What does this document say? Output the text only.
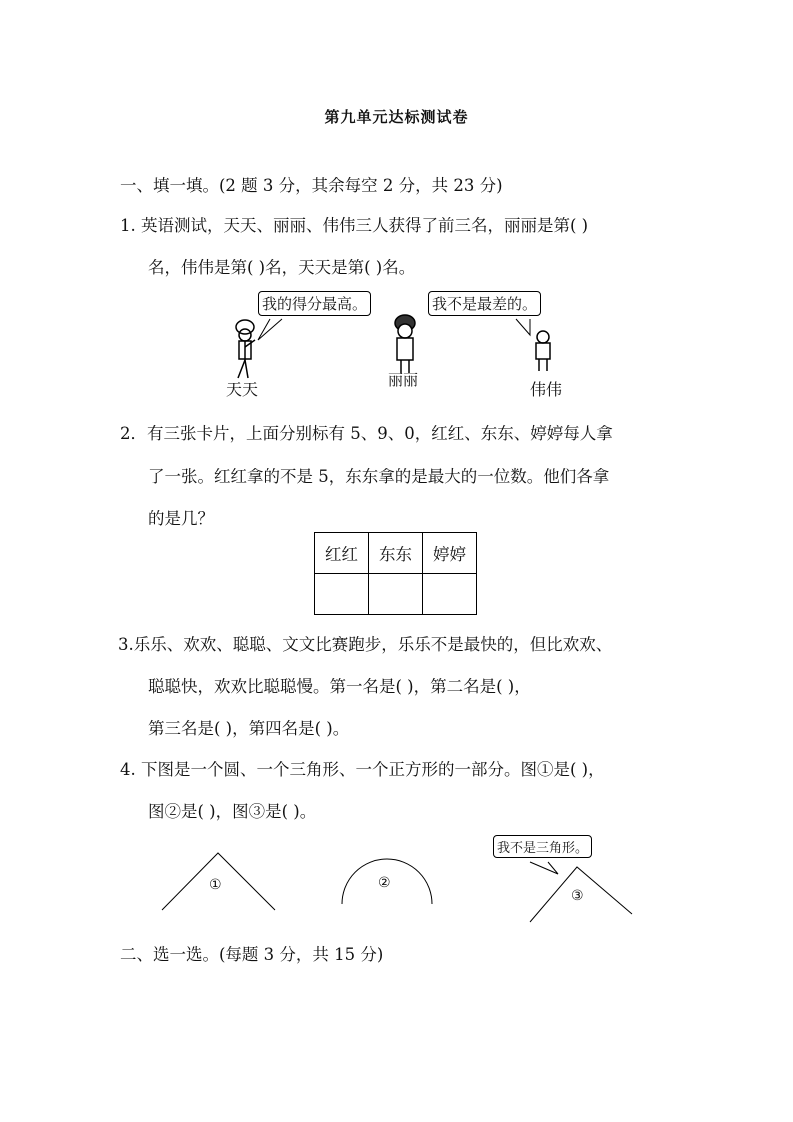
第九单元达标测试卷
一、填一填。(2 题 3 分，其余每空 2 分，共 23 分)
1. 英语测试，天天、丽丽、伟伟三人获得了前三名，丽丽是第( )
名，伟伟是第( )名，天天是第( )名。
我的得分最高。	我不是最差的。
天天	丽丽	伟伟
2．有三张卡片，上面分别标有 5、9、0，红红、东东、婷婷每人拿
了一张。红红拿的不是 5，东东拿的是最大的一位数。他们各拿
的是几？
红红	东东	婷婷

3.乐乐、欢欢、聪聪、文文比赛跑步，乐乐不是最快的，但比欢欢、
聪聪快，欢欢比聪聪慢。第一名是( )，第二名是( )，
第三名是( )，第四名是( )。
4. 下图是一个圆、一个三角形、一个正方形的一部分。图①是( )，
图②是( )，图③是( )。
①	②
③
我不是三角形。
二、选一选。(每题 3 分，共 15 分)
